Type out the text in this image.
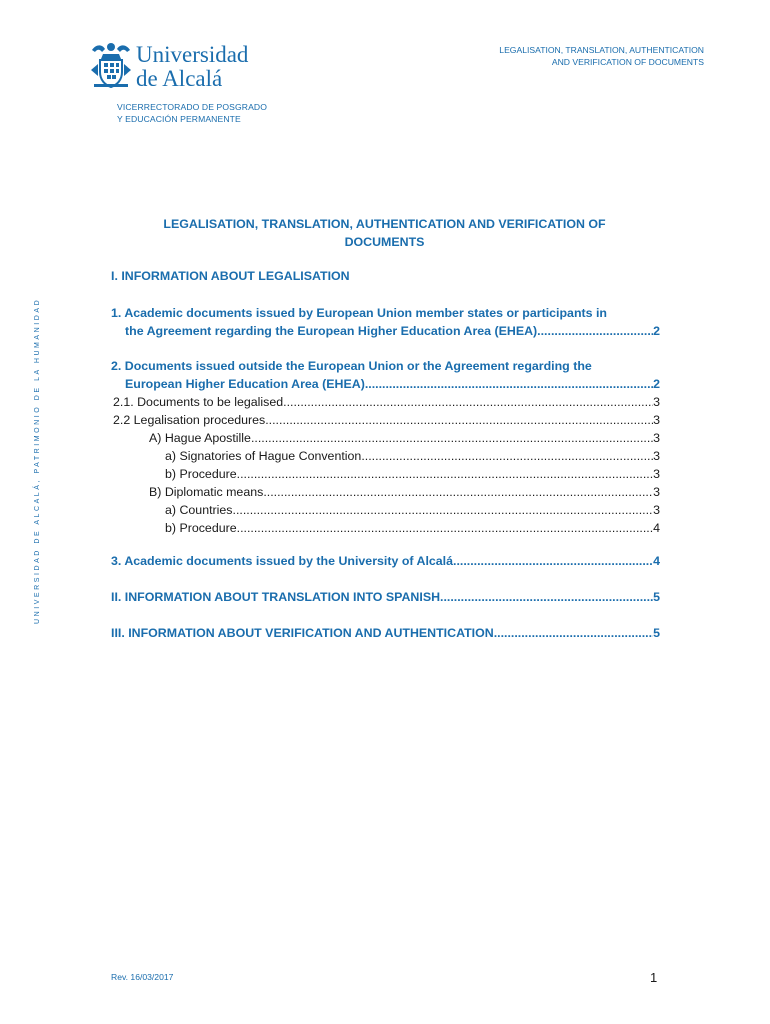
Universidad
de Alcalá
VICERRECTORADO DE POSGRADO
Y EDUCACIÓN PERMANENTE
LEGALISATION, TRANSLATION, AUTHENTICATION
AND VERIFICATION OF DOCUMENTS
UNIVERSIDAD DE ALCALÁ, PATRIMONIO DE LA HUMANIDAD
LEGALISATION, TRANSLATION, AUTHENTICATION AND VERIFICATION OF
DOCUMENTS
I. INFORMATION ABOUT LEGALISATION
1. Academic documents issued by European Union member states or participants in
the Agreement regarding the European Higher Education Area (EHEA) .....	2
2. Documents issued outside the European Union or the Agreement regarding the
European Higher Education Area (EHEA) .....	2
2.1. Documents to be legalised .....	3
2.2 Legalisation procedures .....	3
A) Hague Apostille .....	3
a) Signatories of Hague Convention .....	3
b) Procedure .....	3
B) Diplomatic means .....	3
a) Countries .....	3
b) Procedure .....	4
3. Academic documents issued by the University of Alcalá .....	4
II. INFORMATION ABOUT TRANSLATION INTO SPANISH .....	5
III. INFORMATION ABOUT VERIFICATION AND AUTHENTICATION .....	5
Rev. 16/03/2017	1
